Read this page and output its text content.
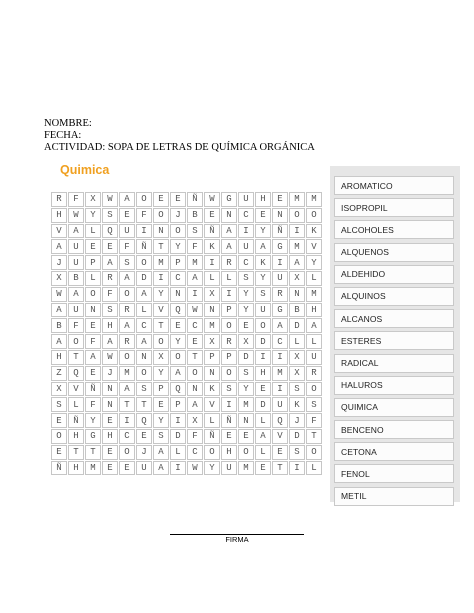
NOMBRE:
FECHA:
ACTIVIDAD: SOPA DE LETRAS DE QUÍMICA ORGÁNICA
Quimica
R	F	X	W	A	O	E	E	Ñ	W	G	U	H	E	M	M
H	W	Y	S	E	F	O	J	B	E	N	C	E	N	O	O
V	A	L	Q	U	I	N	O	S	Ñ	A	I	Y	Ñ	I	K
A	U	E	E	F	Ñ	T	Y	F	K	A	U	A	G	M	V
J	U	P	A	S	O	M	P	M	I	R	C	K	I	A	Y
X	B	L	R	A	D	I	C	A	L	L	S	Y	U	X	L
W	A	O	F	O	A	Y	N	I	X	I	Y	S	R	N	M
A	U	N	S	R	L	V	Q	W	N	P	Y	U	G	B	H
B	F	E	H	A	C	T	E	C	M	O	E	O	A	D	A
A	O	F	A	R	A	O	Y	E	X	R	X	D	C	L	L
H	T	A	W	O	N	X	O	T	P	P	D	I	I	X	U
Z	Q	E	J	M	O	Y	A	O	N	O	S	H	M	X	R
X	V	Ñ	N	A	S	P	Q	N	K	S	Y	E	I	S	O
S	L	F	N	T	T	E	P	A	V	I	M	D	U	K	S
E	Ñ	Y	E	I	Q	Y	I	X	L	Ñ	N	L	Q	J	F
O	H	G	H	C	E	S	D	F	Ñ	E	E	A	V	D	T
E	T	T	E	O	J	A	L	C	O	H	O	L	E	S	O
Ñ	H	M	E	E	U	A	I	W	Y	U	M	E	T	I	L
AROMATICO
ISOPROPIL
ALCOHOLES
ALQUENOS
ALDEHIDO
ALQUINOS
ALCANOS
ESTERES
RADICAL
HALUROS
QUIMICA
BENCENO
CETONA
FENOL
METIL
FIRMA
